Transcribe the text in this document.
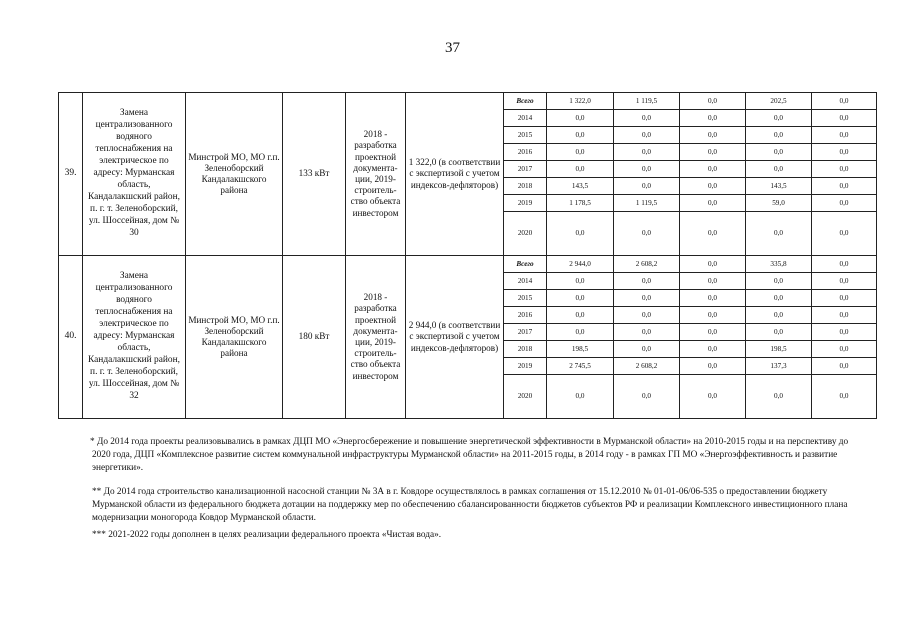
37
39.	Замена централизованного водяного теплоснабжения на электрическое по адресу: Мурманская область, Кандалакшский район, п. г. т. Зеленоборский, ул. Шоссейная, дом № 30	Минстрой МО, МО г.п. Зеленоборский Кандалакшского района	133 кВт	2018 - разработка проектной документа-ции, 2019- строитель-ство объекта инвестором	1 322,0 (в соответствии с экспертизой с учетом индексов-дефляторов)	Всего	1 322,0	1 119,5	0,0	202,5	0,0
						2014	0,0	0,0	0,0	0,0	0,0
						2015	0,0	0,0	0,0	0,0	0,0
						2016	0,0	0,0	0,0	0,0	0,0
						2017	0,0	0,0	0,0	0,0	0,0
						2018	143,5	0,0	0,0	143,5	0,0
						2019	1 178,5	1 119,5	0,0	59,0	0,0
						2020	0,0	0,0	0,0	0,0	0,0
40.	Замена централизованного водяного теплоснабжения на электрическое по адресу: Мурманская область, Кандалакшский район, п. г. т. Зеленоборский, ул. Шоссейная, дом № 32	Минстрой МО, МО г.п. Зеленоборский Кандалакшского района	180 кВт	2018 - разработка проектной документа-ции, 2019- строитель-ство объекта инвестором	2 944,0 (в соответствии с экспертизой с учетом индексов-дефляторов)	Всего	2 944,0	2 608,2	0,0	335,8	0,0
						2014	0,0	0,0	0,0	0,0	0,0
						2015	0,0	0,0	0,0	0,0	0,0
						2016	0,0	0,0	0,0	0,0	0,0
						2017	0,0	0,0	0,0	0,0	0,0
						2018	198,5	0,0	0,0	198,5	0,0
						2019	2 745,5	2 608,2	0,0	137,3	0,0
						2020	0,0	0,0	0,0	0,0	0,0

* До 2014 года проекты реализовывались в рамках ДЦП МО «Энергосбережение и повышение энергетической эффективности в Мурманской области» на 2010-2015 годы и на перспективу до 2020 года, ДЦП «Комплексное развитие систем коммунальной инфраструктуры Мурманской области» на 2011-2015 годы, в 2014 году - в рамках ГП МО «Энергоэффективность и развитие энергетики».

** До 2014 года строительство канализационной насосной станции № 3А в г. Ковдоре осуществлялось в рамках соглашения от 15.12.2010 № 01-01-06/06-535 о предоставлении бюджету Мурманской области из федерального бюджета дотации на поддержку мер по обеспечению сбалансированности бюджетов субъектов РФ и реализации Комплексного инвестиционного плана модернизации моногорода Ковдор Мурманской области.

*** 2021-2022 годы дополнен в целях реализации федерального проекта «Чистая вода».
